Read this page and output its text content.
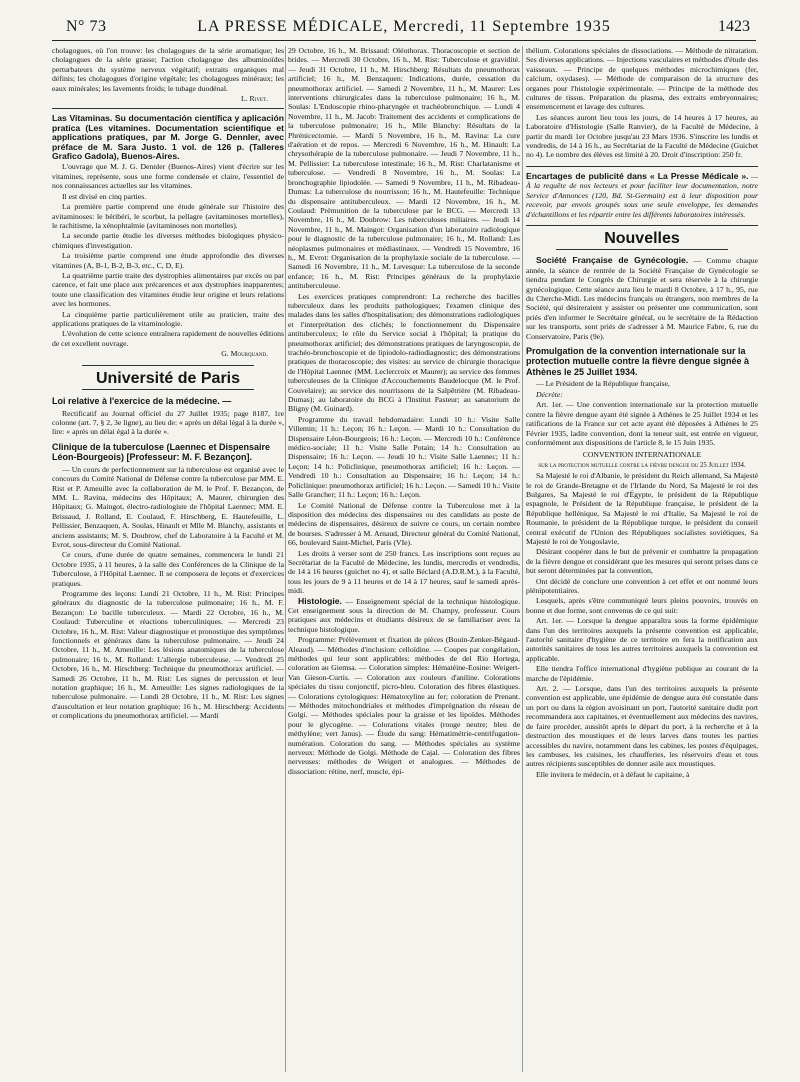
N° 73	LA PRESSE MÉDICALE, Mercredi, 11 Septembre 1935	1423

cholagogues, où l'on trouve: les cholagogues de la série aromatique; les cholagogues de la série grasse; l'action cholagogue des albuminoïdes perturbateurs du système nerveux végétatif; extraits organiques mal définis; les cholagogues d'origine végétale; les cholagogues minéraux; les eaux minérales; les lavements froids; le tubage duodénal.

L. Rivet.

Las Vitaminas. Su documentación científica y aplicación pratica (Les vitamines. Documentation scientifique et applications pratiques, par M. Jorge G. Dennler, avec préface de M. Sara Justo. 1 vol. de 126 p. (Talleres Grafico Gadola), Buenos-Aires.

L'ouvrage que M. J. G. Dennler (Buenos-Aires) vient d'écrire sur les vitamines, représente, sous une forme condensée et claire, l'essentiel de nos connaissances actuelles sur les vitamines.

Il est divisé en cinq parties.

La première partie comprend une étude générale sur l'histoire des avitaminoses: le béribéri, le scorbut, la pellagre (avitaminoses mortelles), le rachitisme, la xénophtalmie (avitaminoses non mortelles).

La seconde partie étudie les diverses méthodes biologiques physico-chimiques d'investigation.

La troisième partie comprend une étude approfondie des diverses vitamines (A, B-1, B-2, B-3, etc., C, D, E).

La quatrième partie traite des dystrophies alimentaires par excès ou par carence, et fait une place aux précarences et aux dystrophies inapparentes; toute une classification des vitamines étudie leur origine et leurs relations avec les hormones.

La cinquième partie particulièrement utile au praticien, traite des applications pratiques de la vitaminologie.

L'évolution de cette science entraînera rapidement de nouvelles éditions de cet excellent ouvrage.

G. Mourquand.

Université de Paris
Loi relative à l'exercice de la médecine. —

Rectificatif au Journal officiel du 27 Juillet 1935; page 8187, 1re colonne (art. 7, § 2, 3e ligne), au lieu de: « après un délai légal à la durée », lire: « après un délai égal à la durée ».

Clinique de la tuberculose (Laennec et Dispensaire Léon-Bourgeois) [Professeur: M. F. Bezançon].

— Un cours de perfectionnement sur la tuberculose est organisé avec le concours du Comité National de Défense contre la tuberculose par MM. E. Rist et P. Ameuille avec la collaboration de M. le Prof. F. Bezançon, de MM. L. Ravina, médecins des Hôpitaux; A. Maurer, chirurgien des Hôpitaux; G. Maingot, électro-radiologiste de l'hôpital Laennec; MM. E. Brissaud, J. Rolland, E. Coulaud, F. Hirschberg, E. Hautefeuille, L. Pellissier, Benzaquen, A. Soulas, Hinault et Mlle M. Blanchy, assistants et anciens assistants; M. S. Doubrow, chef de Laboratoire à la Faculté et M. Evrot, sous-directeur du Comité National.

Ce cours, d'une durée de quatre semaines, commencera le lundi 21 Octobre 1935, à 11 heures, à la salle des Conférences de la Clinique de la Tuberculose, à l'Hôpital Laennec. Il se composera de leçons et d'exercices pratiques.

Programme des leçons: Lundi 21 Octobre, 11 h., M. Rist: Principes généraux du diagnostic de la tuberculose pulmonaire; 16 h., M. F. Bezançon: Le bacille tuberculeux. — Mardi 22 Octobre, 16 h., M. Coulaud: Tuberculine et réactions tuberculiniques. — Mercredi 23 Octobre, 16 h., M. Rist: Valeur diagnostique et pronostique des symptômes fonctionnels et généraux dans la tuberculose pulmonaire. — Jeudi 24 Octobre, 11 h., M. Ameuille: Les lésions anatomiques de la tuberculose pulmonaire; 16 h., M. Rolland: L'allergie tuberculeuse. — Vendredi 25 Octobre, 16 h., M. Hirschberg: Technique du pneumothorax artificiel. — Samedi 26 Octobre, 11 h., M. Rist: Les signes de percussion et leur notation graphique; 16 h., M. Ameuille: Les signes radiologiques de la tuberculose pulmonaire. — Lundi 28 Octobre, 11 h., M. Rist: Les signes d'auscultation et leur notation graphique; 16 h., M. Hirschberg: Accidents et complications du pneumothorax artificiel. — Mardi

29 Octobre, 16 h., M. Brissaud: Oléothorax. Thoracoscopie et section de brides. — Mercredi 30 Octobre, 16 h., M. Rist: Tuberculose et gravidité. — Jeudi 31 Octobre, 11 h., M. Hirschberg: Résultats du pneumothorax artificiel; 16 h., M. Benzaquen: Indications, durée, cessation du pneumothorax artificiel. — Samedi 2 Novembre, 11 h., M. Maurer: Les interventions chirurgicales dans la tuberculose pulmonaire; 16 h., M. Soulas: L'Endoscopie rhino-pharyngée et trachéobronchique. — Lundi 4 Novembre, 11 h., M. Jacob: Traitement des accidents et complications de la tuberculose pulmonaire; 16 h., Mlle Blanchy: Résultats de la Phrénicectomie. — Mardi 5 Novembre, 16 h., M. Ravina: La cure d'aération et de repos. — Mercredi 6 Novembre, 16 h., M. Hinault: La chrysothérapie de la tuberculose pulmonaire. — Jeudi 7 Novembre, 11 h., M. Pellissier: La tuberculose intestinale; 16 h., M. Rist: Charlatanisme et tuberculose. — Vendredi 8 Novembre, 16 h., M. Soulas: La bronchographie lipiodolée. — Samedi 9 Novembre, 11 h., M. Ribadeau-Dumas: La tuberculose du nourrisson; 16 h., M. Hautefeuille: Technique du dispensaire antituberculeux. — Mardi 12 Novembre, 16 h., M. Coulaud: Prémunition de la tuberculose par le BCG. — Mercredi 13 Novembre, 16 h., M. Doubrow: Les tuberculoses miliaires. — Jeudi 14 Novembre, 11 h., M. Maingot: Organisation d'un laboratoire radiologique pour le diagnostic de la tuberculose pulmonaire; 16 h., M. Rolland: Les néoplasmes pulmonaires et médiastinaux. — Vendredi 15 Novembre, 16 h., M. Evrot: Organisation de la prophylaxie sociale de la tuberculose. — Samedi 16 Novembre, 11 h., M. Levesque: La tuberculose de la seconde enfance; 16 h., M. Rist: Principes généraux de la prophylaxie antituberculeuse.

Les exercices pratiques comprendront: La recherche des bacilles tuberculeux dans les produits pathologiques; l'examen clinique des malades dans les salles d'hospitalisation; des démonstrations radiologiques et l'interprétation des clichés; le fonctionnement du Dispensaire antituberculeux; le rôle du Service social à l'hôpital; la pratique du pneumothorax artificiel; des démonstrations pratiques de laryngoscopie, de trachéo-bronchoscopie et de lipiodolo-radiodiagnostic; des démonstrations pratiques de thoracoscopie; des visites: au service de chirurgie thoracique de l'Hôpital Laennec (MM. Leclercroix et Maurer); au service des femmes tuberculeuses de la Clinique d'Accouchements Baudelocque (M. le Prof. Couvelaire); au service des nourrissons de la Salpêtrière (M. Ribadeau-Dumas); au laboratoire du BCG à l'Institut Pasteur; au sanatorium de Bligny (M. Guinard).

Programme du travail hebdomadaire: Lundi 10 h.: Visite Salle Villemin; 11 h.: Leçon; 16 h.: Leçon. — Mardi 10 h.: Consultation du Dispensaire Léon-Bourgeois; 16 h.: Leçon. — Mercredi 10 h.: Conférence médico-sociale; 11 h.: Visite Salle Potain; 14 h.: Consultation au Dispensaire; 16 h.: Leçon. — Jeudi 10 h.: Visite Salle Laennec; 11 h.: Leçon; 14 h.: Policlinique, pneumothorax artificiel; 16 h.: Leçon. — Vendredi 10 h.: Consultation au Dispensaire; 16 h.: Leçon; 14 h.: Policlinique: pneumothorax artificiel; 16 h.: Leçon. — Samedi 10 h.: Visite Salle Grancher; 11 h.: Leçon; 16 h.: Leçon.

Le Comité National de Défense contre la Tuberculose met à la disposition des médecins des dispensaires ou des candidats au poste de médecins de dispensaires, désireux de suivre ce cours, un certain nombre de bourses. S'adresser à M. Arnaud, Directeur général du Comité National, 66, boulevard Saint-Michel, Paris (VIe).

Les droits à verser sont de 250 francs. Les inscriptions sont reçues au Secrétariat de la Faculté de Médecine, les lundis, mercredis et vendredis, de 14 à 16 heures (guichet no 4), et salle Béclard (A.D.R.M.), à la Faculté, tous les jours de 9 à 11 heures et de 14 à 17 heures, sauf le samedi après-midi.

Histologie. — Enseignement spécial de la technique histologique. Cet enseignement sous la direction de M. Champy, professeur. Cours pratiques aux médecins et étudiants désireux de se familiariser avec la technique histologique.

Programme: Prélèvement et fixation de pièces (Bouin-Zenker-Bégaud-Aleaud). — Méthodes d'inclusion: celloïdine. — Coupes par congélation, méthodes qui leur sont applicables: méthodes de del Rio Hortega, coloration au Giemsa. — Coloration simples: Hématéine-Eosine: Weigert-Van Gieson-Curtis. — Coloration aux couleurs d'aniline. Colorations spéciales du tissu conjonctif, picro-bleu. Coloration des fibres élastiques. — Colorations cytologiques: Hématoxyline au fer; coloration de Prenant. — Méthodes mitochondriales et méthodes d'imprégnation du réseau de Golgi. — Méthodes spéciales pour la graisse et les lipoïdes. Méthodes pour le glycogène. — Colorations vitales (rouge neutre; bleu de méthylène; vert Janus). — Étude du sang: Hématimétrie-centrifugation-numération. Coloration du sang. — Méthodes spéciales au système nerveux: Méthode de Golgi. Méthode de Cajal. — Coloration des fibres nerveuses: méthodes de Weigert et analogues. — Méthodes de dissociation: rétine, nerf, muscle, épi-

thélium. Colorations spéciales de dissociations. — Méthode de nitratation. Ses diverses applications. — Injections vasculaires et méthodes d'étude des vaisseaux. — Principe de quelques méthodes microchimiques (fer, calcium, oxydases). — Méthode de comparaison de la structure des organes pour l'histologie expérimentale. — Principe de la méthode des cultures de tissus. Préparation du plasma, des extraits embryonnaires; ensemencement et lavage des cultures.

Les séances auront lieu tous les jours, de 14 heures à 17 heures, au Laboratoire d'Histologie (Salle Ranvier), de la Faculté de Médecine, à partir du mardi 1er Octobre jusqu'au 23 Mars 1936. S'inscrire les lundis et vendredis, de 14 à 16 h., au Secrétariat de la Faculté de Médecine (Guichet no 4). Le nombre des élèves est limité à 20. Droit d'inscription: 250 fr.

Encartages de publicité dans « La Presse Médicale ». — À la requête de nos lecteurs et pour faciliter leur documentation, notre Service d'Annonces (120, Bd. St-Germain) est à leur disposition pour recevoir, par envois groupés sous une seule enveloppe, les demandes d'échantillons et les répartir entre les différents laboratoires intéressés.

Nouvelles

Société Française de Gynécologie. — Comme chaque année, la séance de rentrée de la Société Française de Gynécologie se tiendra pendant le Congrès de Chirurgie et sera réservée à la chirurgie gynécologique. Cette séance aura lieu le mardi 8 Octobre, à 17 h., 95, rue du Cherche-Midi. Les médecins français ou étrangers, non membres de la Société, qui désireraient y assister ou présenter une communication, sont priés d'en informer le Secrétaire général, ou le secrétaire de la Rédaction sur les transports, sont priés de s'adresser à M. Maurice Fabre, 6, rue du Conservatoire, Paris (9e).

Promulgation de la convention internationale sur la protection mutuelle contre la fièvre dengue signée à Athènes le 25 Juillet 1934.

— Le Président de la République française,

Décrète:

Art. 1er. — Une convention internationale sur la protection mutuelle contre la fièvre dengue ayant été signée à Athènes le 25 Juillet 1934 et les ratifications de la France sur cet acte ayant été déposées à Athènes le 25 Février 1935, ladite convention, dont la teneur suit, est entrée en vigueur, conformément aux dispositions de l'article 8, le 15 Juin 1935.

CONVENTION INTERNATIONALE

sur la protection mutuelle contre la fièvre dengue du 25 Juillet 1934.

Sa Majesté le roi d'Albanie, le président du Reich allemand, Sa Majesté le roi de Grande-Bretagne et de l'Irlande du Nord, Sa Majesté le roi des Bulgares, Sa Majesté le roi d'Égypte, le président de la République espagnole, le Président de la République française, le président de la République hellénique, Sa Majesté le roi d'Italie, Sa Majesté le roi de Roumanie, le président de la République turque, le président du conseil central exécutif de l'Union des Républiques socialistes soviétiques, Sa Majesté le roi de Yougoslavie,

Désirant coopérer dans le but de prévenir et combattre la propagation de la fièvre dengue et considérant que les mesures qui seront prises dans ce but seront déterminées par la convention,

Ont décidé de conclure une convention à cet effet et ont nommé leurs plénipotentiaires.

Lesquels, après s'être communiqué leurs pleins pouvoirs, trouvés en bonne et due forme, sont convenus de ce qui suit:

Art. 1er. — Lorsque la dengue apparaîtra sous la forme épidémique dans l'un des territoires auxquels la présente convention est applicable, l'autorité sanitaire d'hygiène de ce territoire en fera la notification aux autorités sanitaires de tous les autres territoires auxquels la convention est applicable.

Elle tiendra l'office international d'hygiène publique au courant de la marche de l'épidémie.

Art. 2. — Lorsque, dans l'un des territoires auxquels la présente convention est applicable, une épidémie de dengue aura été constatée dans un port ou dans la région avoisinant un port, l'autorité sanitaire dudit port recommandera aux capitaines, et éventuellement aux médecins des navires, de faire procéder, aussitôt après le départ du port, à la recherche et à la destruction des moustiques et de leurs larves dans toutes les parties accessibles du navire, notamment dans les cabines, les postes d'équipages, les cambuses, les cuisines, les chaufferies, les réservoirs d'eau et tous autres récipients susceptibles de donner asile aux moustiques.

Elle invitera le médecin, et à défaut le capitaine, à
